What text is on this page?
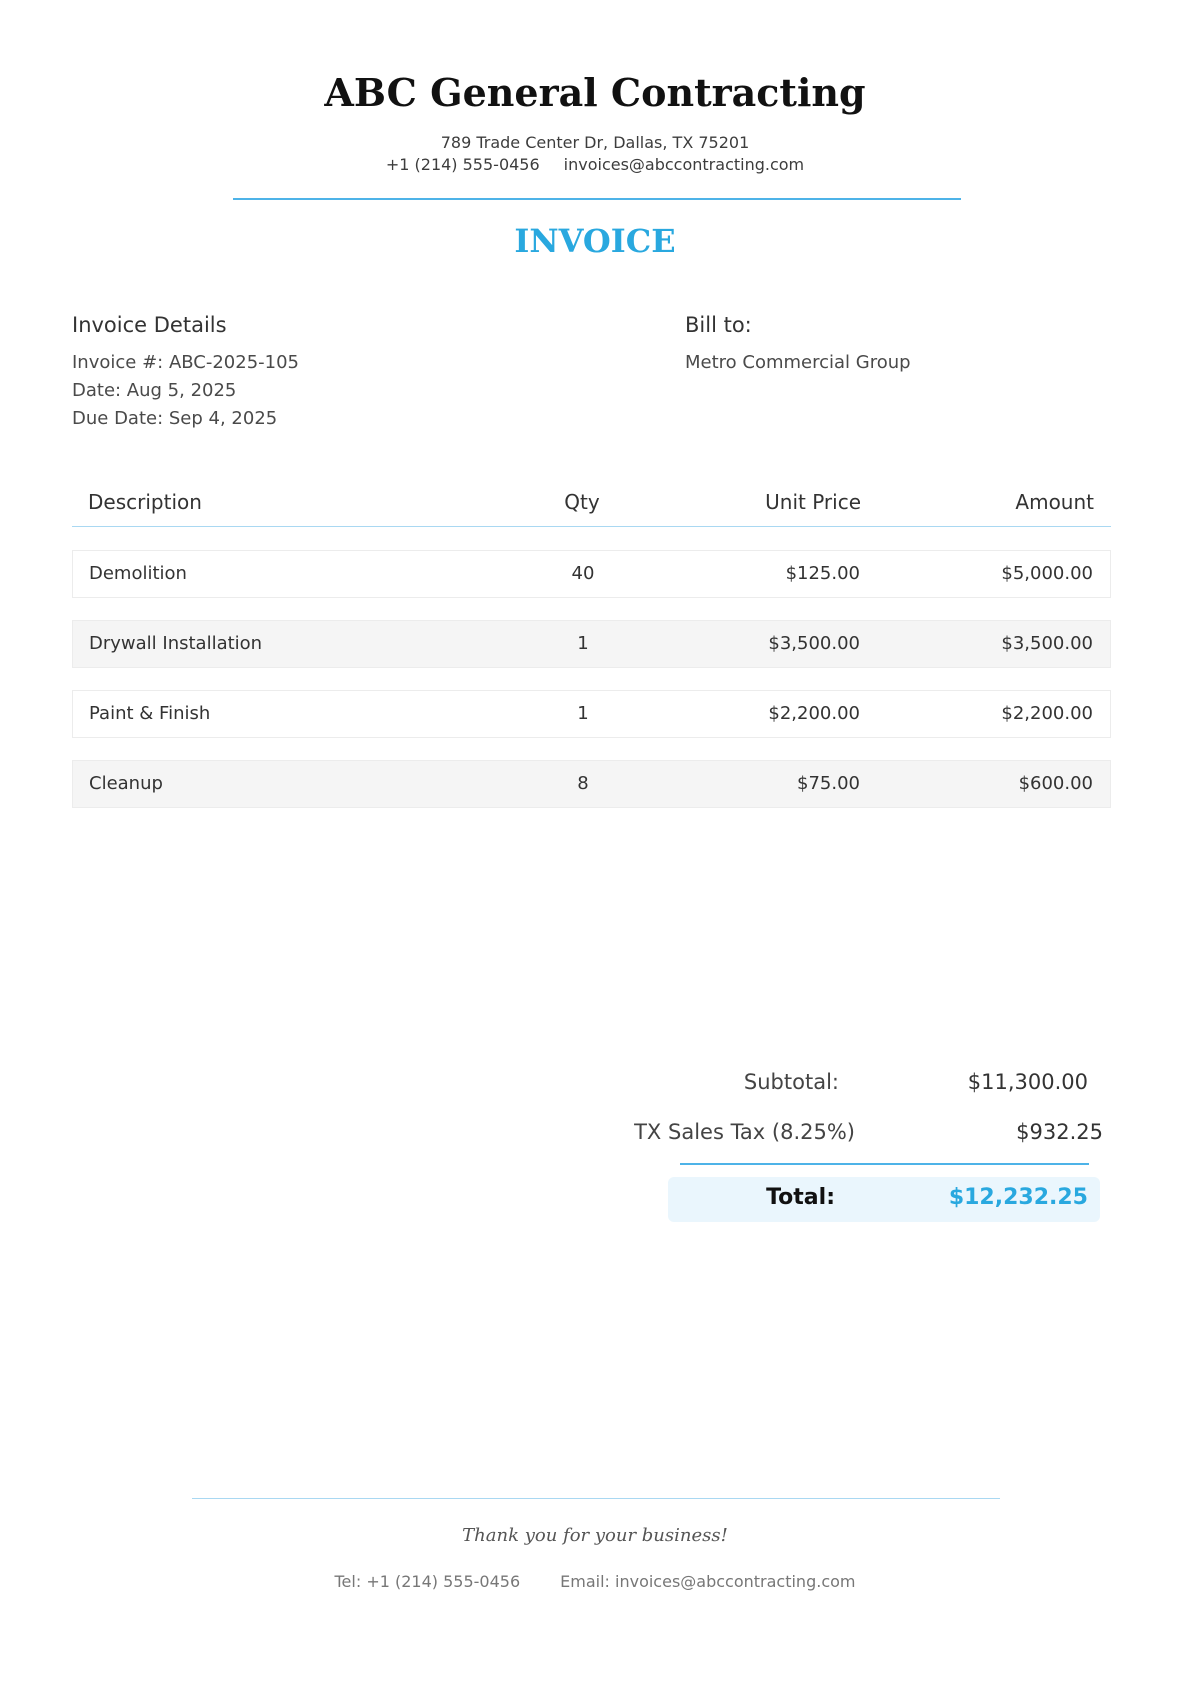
ABC General Contracting
789 Trade Center Dr, Dallas, TX 75201
+1 (214) 555-0456 invoices@abccontracting.com
INVOICE
Invoice Details
Invoice #: ABC-2025-105
Date: Aug 5, 2025
Due Date: Sep 4, 2025
Bill to:
Metro Commercial Group
Description	Qty	Unit Price	Amount
Demolition	40	$125.00	$5,000.00
Drywall Installation	1	$3,500.00	$3,500.00
Paint & Finish	1	$2,200.00	$2,200.00
Cleanup	8	$75.00	$600.00
Subtotal:	$11,300.00
TX Sales Tax (8.25%)	$932.25
Total:	$12,232.25
Thank you for your business!
Tel: +1 (214) 555-0456	Email: invoices@abccontracting.com
